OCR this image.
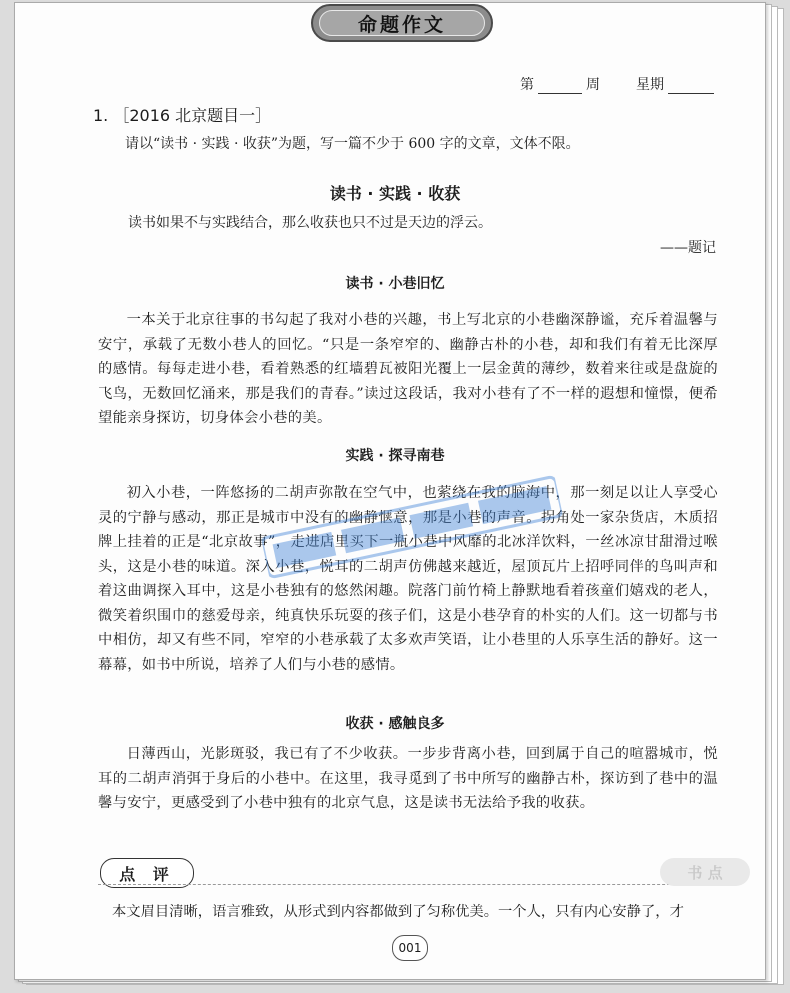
命题作文
第	周	星期
1. ［2016 北京题目一］
请以“读书 · 实践 · 收获”为题，写一篇不少于 600 字的文章，文体不限。
读书 · 实践 · 收获
读书如果不与实践结合，那么收获也只不过是天边的浮云。
——题记
读书 · 小巷旧忆

一本关于北京往事的书勾起了我对小巷的兴趣，书上写北京的小巷幽深静谧，充斥着温馨与安宁，承载了无数小巷人的回忆。“只是一条窄窄的、幽静古朴的小巷，却和我们有着无比深厚的感情。每每走进小巷，看着熟悉的红墙碧瓦被阳光覆上一层金黄的薄纱，数着来往或是盘旋的飞鸟，无数回忆涌来，那是我们的青春。”读过这段话，我对小巷有了不一样的遐想和憧憬，便希望能亲身探访，切身体会小巷的美。

实践 · 探寻南巷

初入小巷，一阵悠扬的二胡声弥散在空气中，也萦绕在我的脑海中，那一刻足以让人享受心灵的宁静与感动，那正是城市中没有的幽静惬意，那是小巷的声音。拐角处一家杂货店，木质招牌上挂着的正是“北京故事”，走进店里买下一瓶小巷中风靡的北冰洋饮料，一丝冰凉甘甜滑过喉头，这是小巷的味道。深入小巷，悦耳的二胡声仿佛越来越近，屋顶瓦片上招呼同伴的鸟叫声和着这曲调探入耳中，这是小巷独有的悠然闲趣。院落门前竹椅上静默地看着孩童们嬉戏的老人，微笑着织围巾的慈爱母亲，纯真快乐玩耍的孩子们，这是小巷孕育的朴实的人们。这一切都与书中相仿，却又有些不同，窄窄的小巷承载了太多欢声笑语，让小巷里的人乐享生活的静好。这一幕幕，如书中所说，培养了人们与小巷的感情。

收获 · 感触良多

日薄西山，光影斑驳，我已有了不少收获。一步步背离小巷，回到属于自己的喧嚣城市，悦耳的二胡声消弭于身后的小巷中。在这里，我寻觅到了书中所写的幽静古朴，探访到了巷中的温馨与安宁，更感受到了小巷中独有的北京气息，这是读书无法给予我的收获。

点 评	书 点
本文眉目清晰，语言雅致，从形式到内容都做到了匀称优美。一个人，只有内心安静了，才
001
